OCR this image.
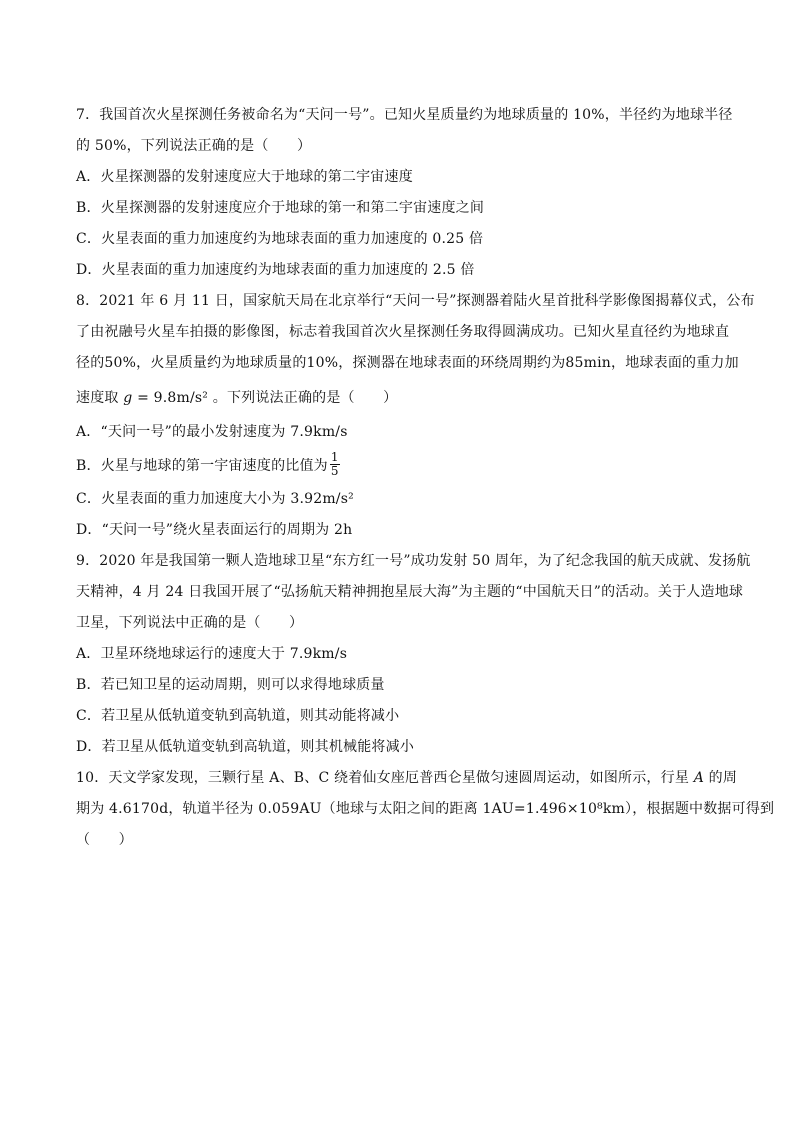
7．我国首次火星探测任务被命名为“天问一号”。已知火星质量约为地球质量的 10%，半径约为地球半径
的 50%，下列说法正确的是（　　）
A．火星探测器的发射速度应大于地球的第二宇宙速度
B．火星探测器的发射速度应介于地球的第一和第二宇宙速度之间
C．火星表面的重力加速度约为地球表面的重力加速度的 0.25 倍
D．火星表面的重力加速度约为地球表面的重力加速度的 2.5 倍
8．2021 年 6 月 11 日，国家航天局在北京举行“天问一号”探测器着陆火星首批科学影像图揭幕仪式，公布
了由祝融号火星车拍摄的影像图，标志着我国首次火星探测任务取得圆满成功。已知火星直径约为地球直
径的50%，火星质量约为地球质量的10%，探测器在地球表面的环绕周期约为85min，地球表面的重力加
速度取 g = 9.8m/s² 。下列说法正确的是（　　）
A．“天问一号”的最小发射速度为 7.9km/s
B．火星与地球的第一宇宙速度的比值为 $\frac{1}{5}$
C．火星表面的重力加速度大小为 3.92m/s²
D．“天问一号”绕火星表面运行的周期为 2h
9．2020 年是我国第一颗人造地球卫星“东方红一号”成功发射 50 周年，为了纪念我国的航天成就、发扬航
天精神，4 月 24 日我国开展了“弘扬航天精神拥抱星辰大海”为主题的“中国航天日”的活动。关于人造地球
卫星，下列说法中正确的是（　　）
A．卫星环绕地球运行的速度大于 7.9km/s
B．若已知卫星的运动周期，则可以求得地球质量
C．若卫星从低轨道变轨到高轨道，则其动能将减小
D．若卫星从低轨道变轨到高轨道，则其机械能将减小
10．天文学家发现，三颗行星 A、B、C 绕着仙女座厄普西仑星做匀速圆周运动，如图所示，行星 A 的周
期为 4.6170d，轨道半径为 0.059AU（地球与太阳之间的距离 1AU=1.496×10⁸km），根据题中数据可得到
（　　）
